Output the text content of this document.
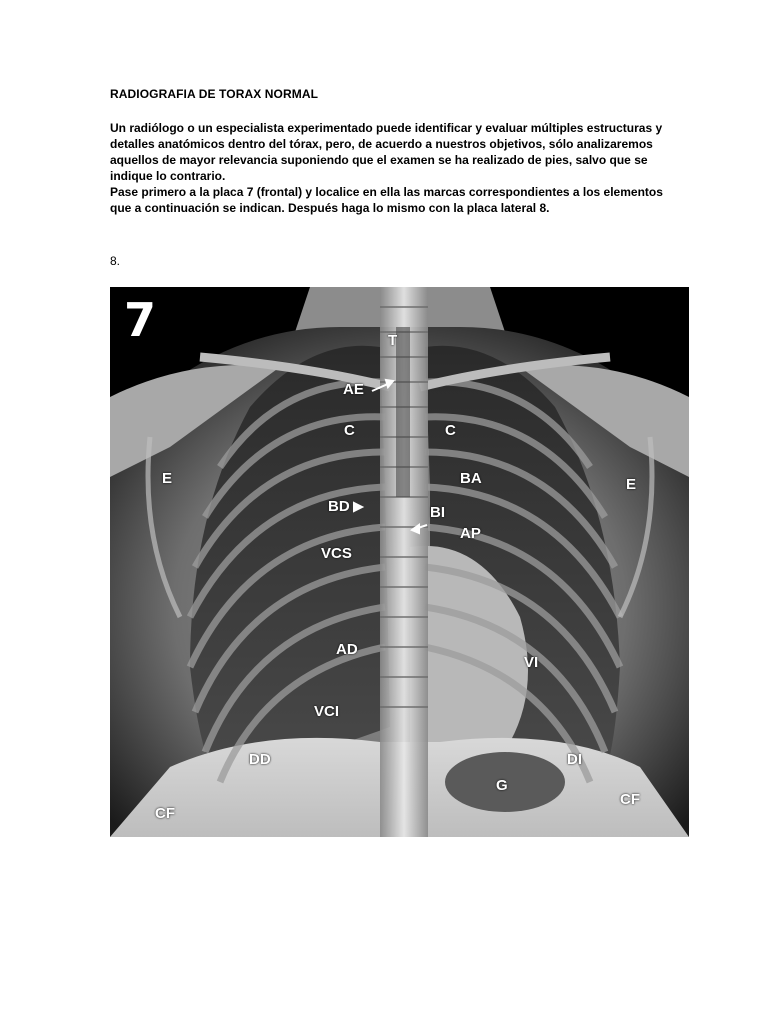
RADIOGRAFIA DE TORAX NORMAL

Un radiólogo o un especialista experimentado puede identificar y evaluar múltiples estructuras y detalles anatómicos dentro del tórax, pero, de acuerdo a nuestros objetivos, sólo analizaremos aquellos de mayor relevancia suponiendo que el examen se ha realizado de pies, salvo que se indique lo contrario.

Pase primero a la placa 7 (frontal) y localice en ella las marcas correspondientes a los elementos que a continuación se indican. Después haga lo mismo con la placa lateral 8.

8.
7	T
AE
C	C
E	E
BA
BD	BI
AP
VCS
AD
VI
VCI
DD	DI
G
CF
CF
